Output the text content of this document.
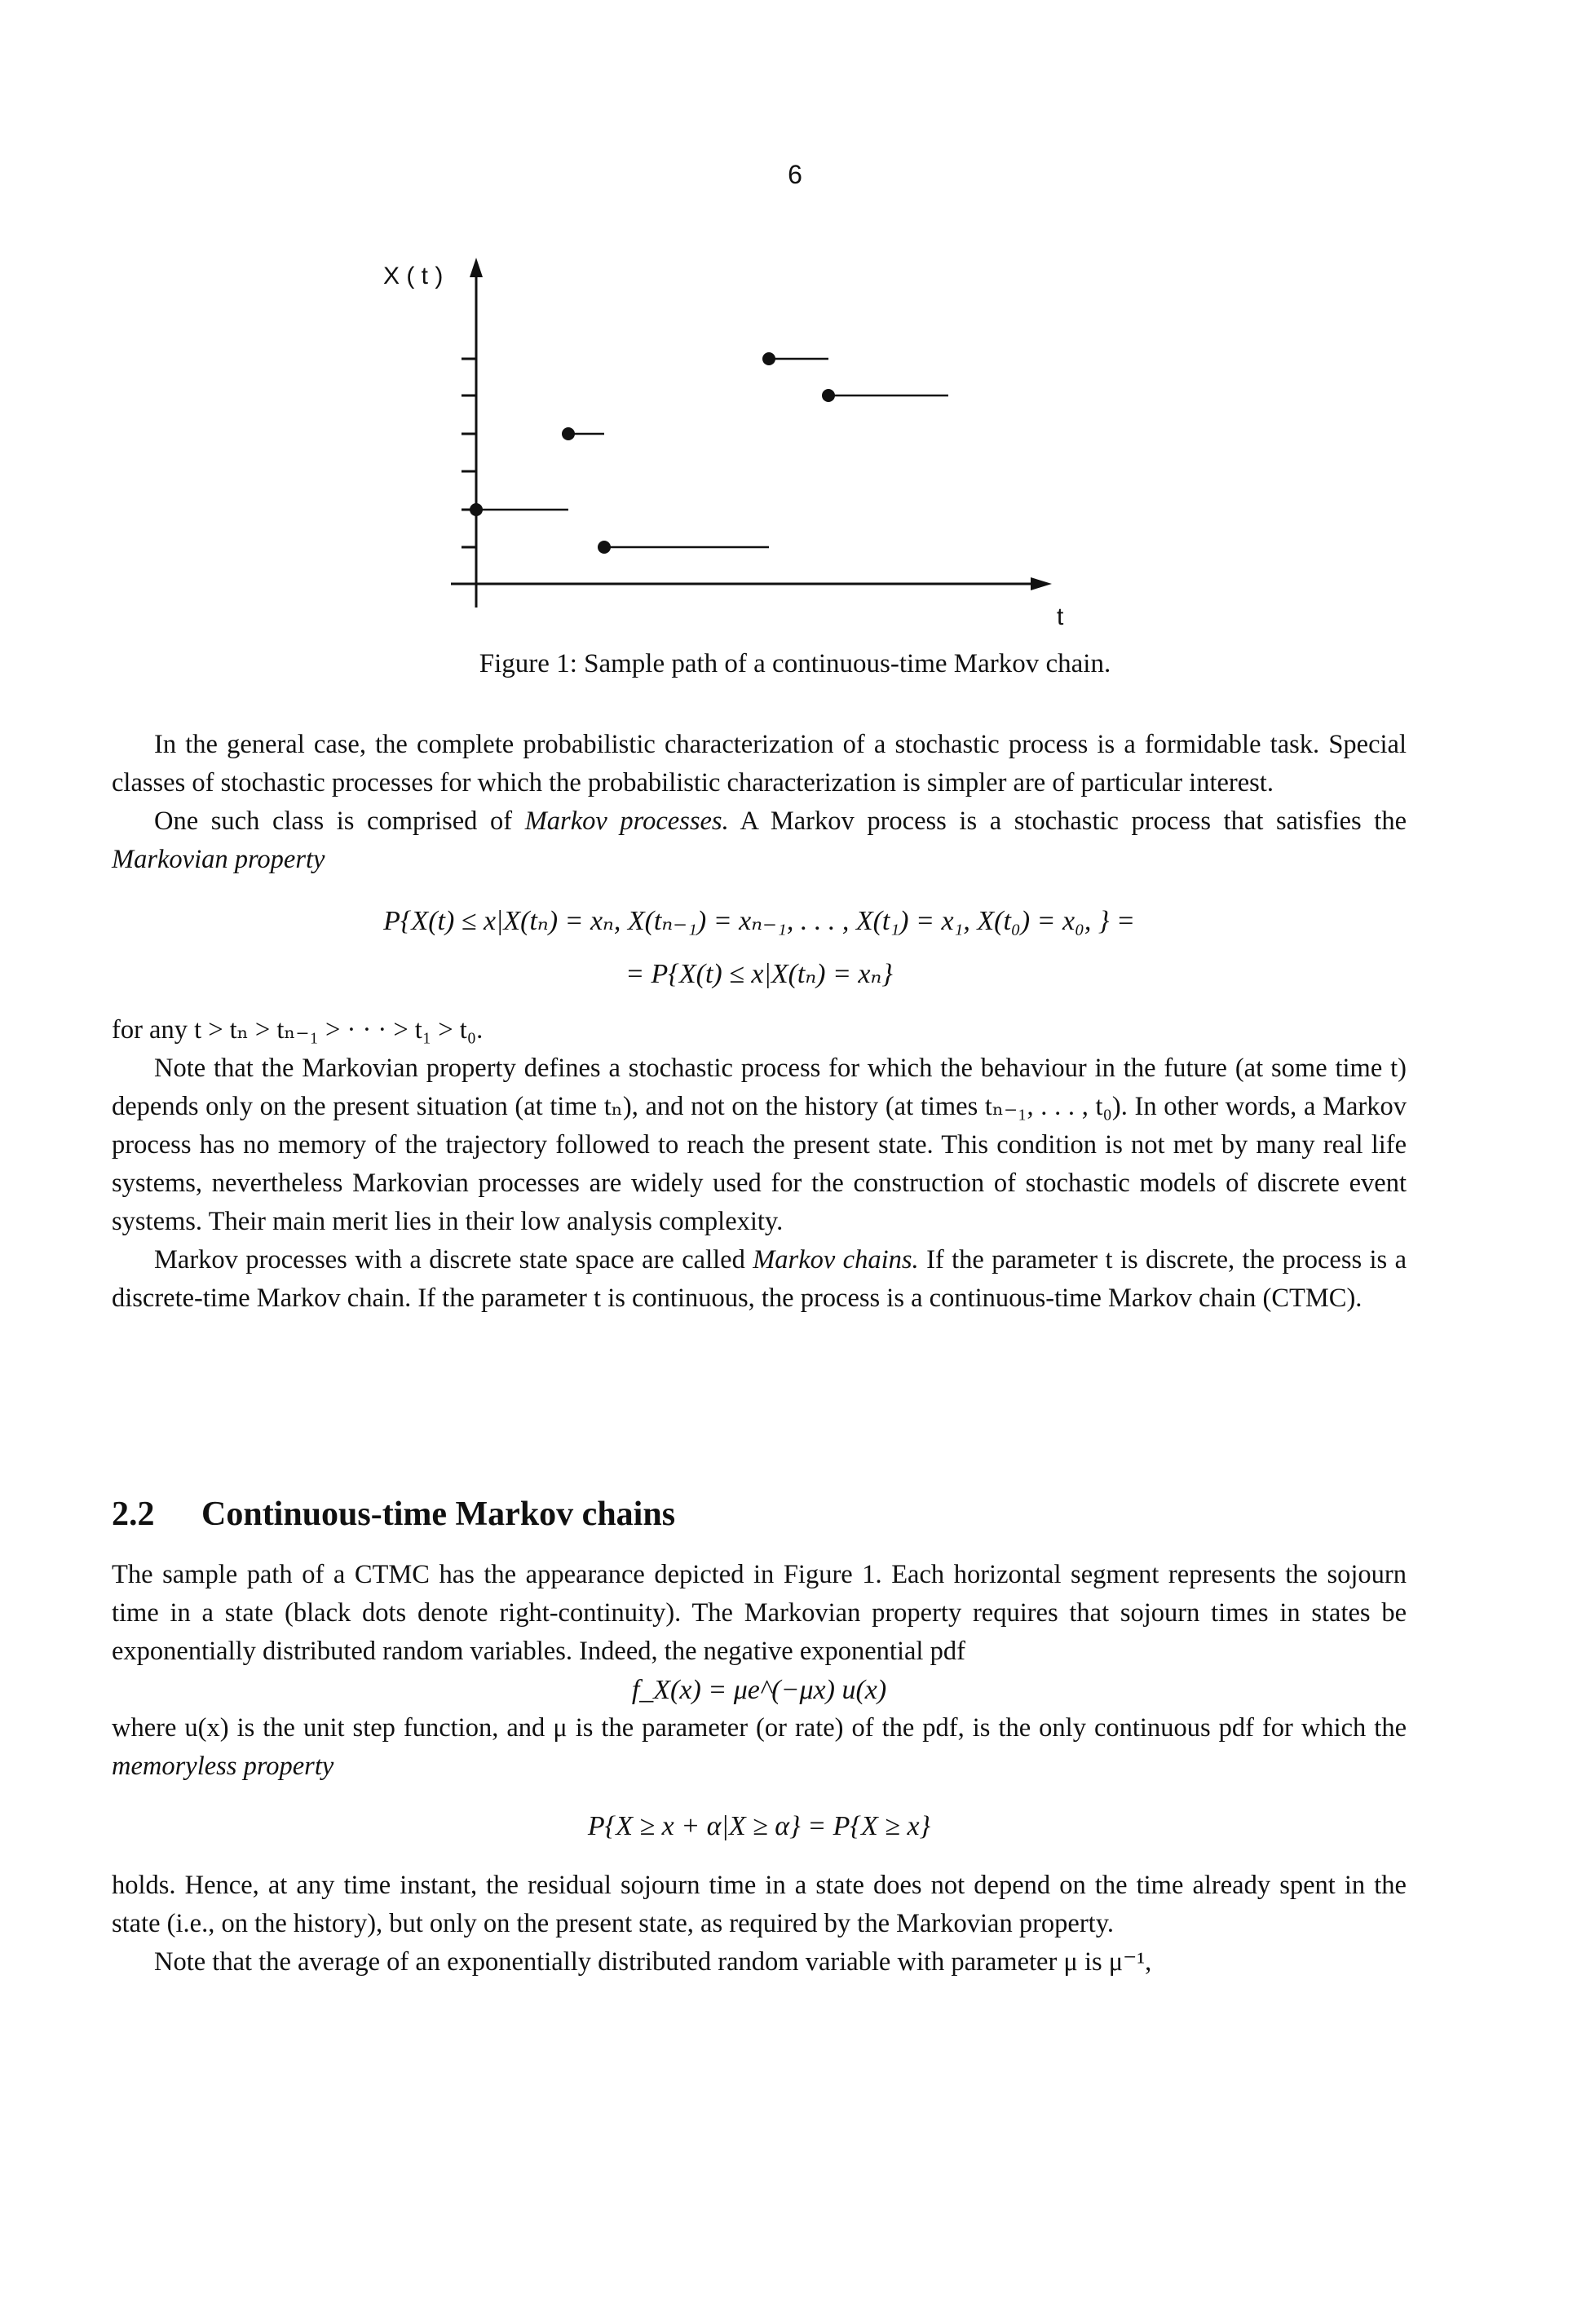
6
X ( t )
t
Figure 1: Sample path of a continuous-time Markov chain.

In the general case, the complete probabilistic characterization of a stochastic process is a formidable task. Special classes of stochastic processes for which the probabilistic characterization is simpler are of particular interest.

One such class is comprised of Markov processes. A Markov process is a stochastic process that satisfies the Markovian property

P{X(t) ≤ x|X(tₙ) = xₙ, X(tₙ₋₁) = xₙ₋₁, . . . , X(t₁) = x₁, X(t₀) = x₀, } =
= P{X(t) ≤ x|X(tₙ) = xₙ}

for any t > tₙ > tₙ₋₁ > · · · > t₁ > t₀.

Note that the Markovian property defines a stochastic process for which the behaviour in the future (at some time t) depends only on the present situation (at time tₙ), and not on the history (at times tₙ₋₁, . . . , t₀). In other words, a Markov process has no memory of the trajectory followed to reach the present state. This condition is not met by many real life systems, nevertheless Markovian processes are widely used for the construction of stochastic models of discrete event systems. Their main merit lies in their low analysis complexity.

Markov processes with a discrete state space are called Markov chains. If the parameter t is discrete, the process is a discrete-time Markov chain. If the parameter t is continuous, the process is a continuous-time Markov chain (CTMC).

2.2 Continuous-time Markov chains

The sample path of a CTMC has the appearance depicted in Figure 1. Each horizontal segment represents the sojourn time in a state (black dots denote right-continuity). The Markovian property requires that sojourn times in states be exponentially distributed random variables. Indeed, the negative exponential pdf

f_X(x) = μe^(−μx) u(x)

where u(x) is the unit step function, and μ is the parameter (or rate) of the pdf, is the only continuous pdf for which the memoryless property

P{X ≥ x + α|X ≥ α} = P{X ≥ x}

holds. Hence, at any time instant, the residual sojourn time in a state does not depend on the time already spent in the state (i.e., on the history), but only on the present state, as required by the Markovian property.

Note that the average of an exponentially distributed random variable with parameter μ is μ⁻¹,
